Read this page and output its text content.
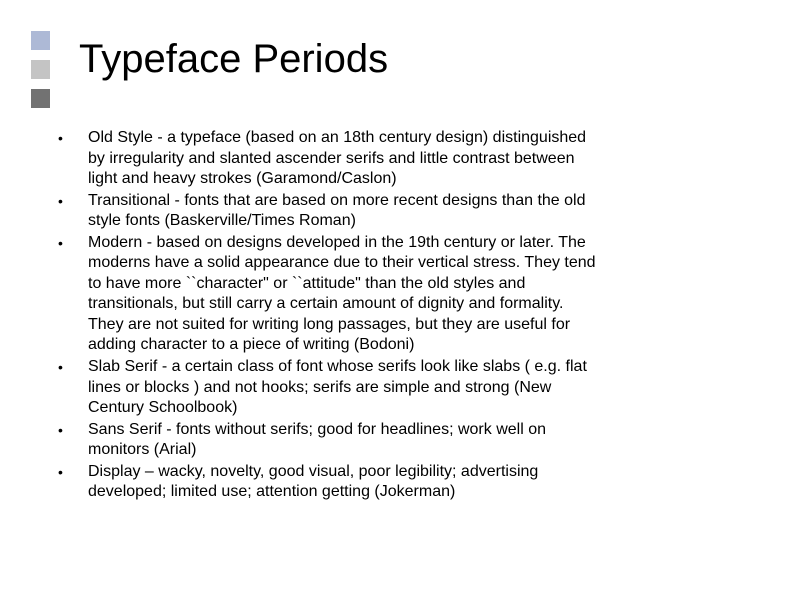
Typeface Periods
•	Old Style - a typeface (based on an 18th century design) distinguished
by irregularity and slanted ascender serifs and little contrast between
light and heavy strokes (Garamond/Caslon)
•	Transitional - fonts that are based on more recent designs than the old
style fonts (Baskerville/Times Roman)
•	Modern - based on designs developed in the 19th century or later. The
moderns have a solid appearance due to their vertical stress. They tend
to have more ``character" or ``attitude" than the old styles and
transitionals, but still carry a certain amount of dignity and formality.
They are not suited for writing long passages, but they are useful for
adding character to a piece of writing (Bodoni)
•	Slab Serif - a certain class of font whose serifs look like slabs ( e.g. flat
lines or blocks ) and not hooks; serifs are simple and strong (New
Century Schoolbook)
•	Sans Serif - fonts without serifs; good for headlines; work well on
monitors (Arial)
•	Display – wacky, novelty, good visual, poor legibility; advertising
developed; limited use; attention getting (Jokerman)
